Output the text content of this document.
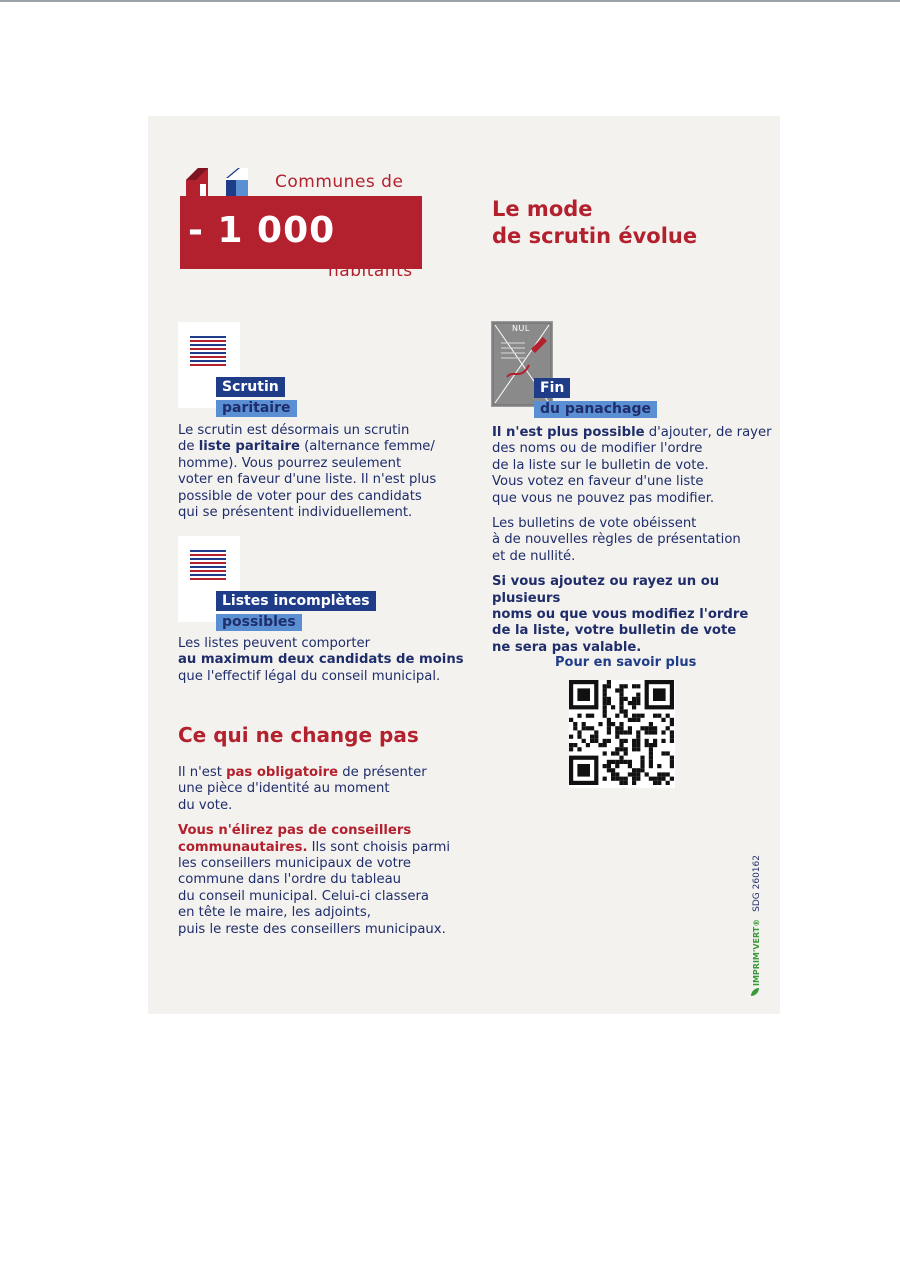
Communes de
- 1 000
habitants
Le mode
de scrutin évolue
Scrutin
paritaire

Le scrutin est désormais un scrutin

de liste paritaire (alternance femme/

homme). Vous pourrez seulement

voter en faveur d'une liste. Il n'est plus

possible de voter pour des candidats

qui se présentent individuellement.

Listes incomplètes
possibles

Les listes peuvent comporter

au maximum deux candidats de moins

que l'effectif légal du conseil municipal.

Ce qui ne change pas

Il n'est pas obligatoire de présenter

une pièce d'identité au moment

du vote.

Vous n'élirez pas de conseillers

communautaires. Ils sont choisis parmi

les conseillers municipaux de votre

commune dans l'ordre du tableau

du conseil municipal. Celui-ci classera

en tête le maire, les adjoints,

puis le reste des conseillers municipaux.

NUL
Fin
du panachage

Il n'est plus possible d'ajouter, de rayer

des noms ou de modifier l'ordre

de la liste sur le bulletin de vote.

Vous votez en faveur d'une liste

que vous ne pouvez pas modifier.

Les bulletins de vote obéissent

à de nouvelles règles de présentation

et de nullité.

Si vous ajoutez ou rayez un ou plusieurs

noms ou que vous modifiez l'ordre

de la liste, votre bulletin de vote

ne sera pas valable.

Pour en savoir plus
IMPRIM'VERT® SDG 260162
